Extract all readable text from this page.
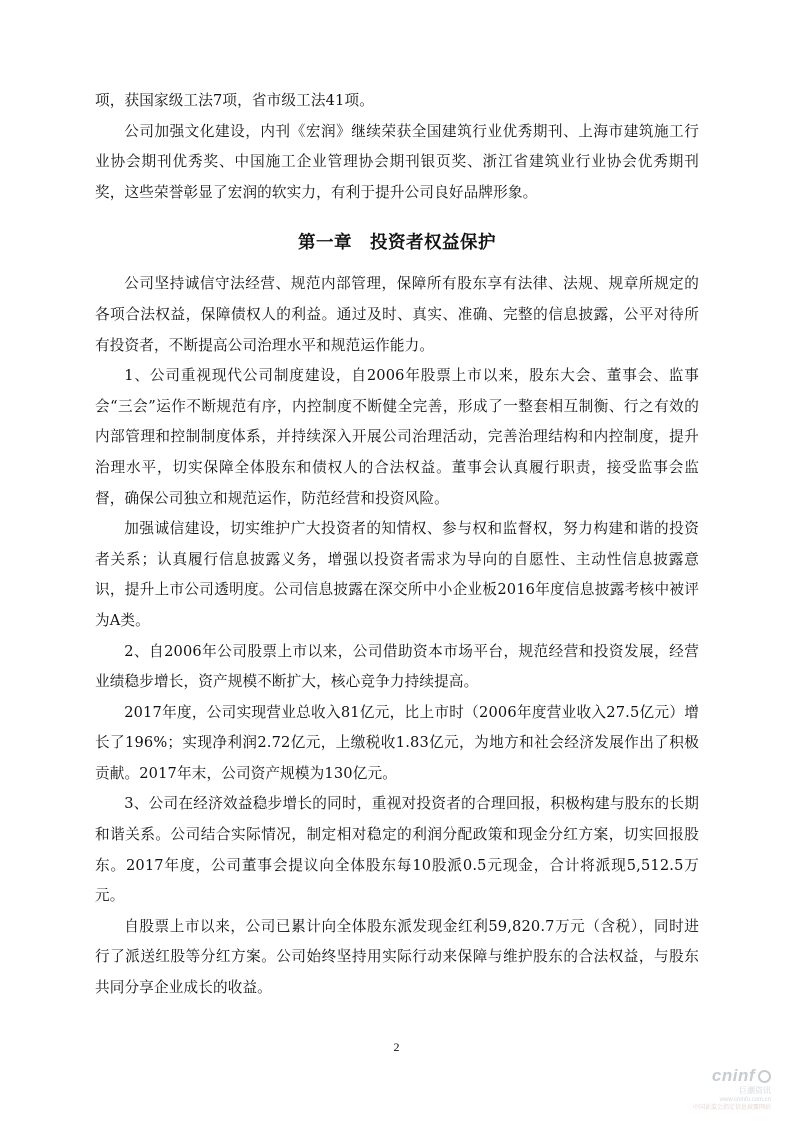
项，获国家级工法7项，省市级工法41项。

公司加强文化建设，内刊《宏润》继续荣获全国建筑行业优秀期刊、上海市建筑施工行业协会期刊优秀奖、中国施工企业管理协会期刊银页奖、浙江省建筑业行业协会优秀期刊奖，这些荣誉彰显了宏润的软实力，有利于提升公司良好品牌形象。

第一章　投资者权益保护

公司坚持诚信守法经营、规范内部管理，保障所有股东享有法律、法规、规章所规定的各项合法权益，保障债权人的利益。通过及时、真实、准确、完整的信息披露，公平对待所有投资者，不断提高公司治理水平和规范运作能力。

1、公司重视现代公司制度建设，自2006年股票上市以来，股东大会、董事会、监事会“三会”运作不断规范有序，内控制度不断健全完善，形成了一整套相互制衡、行之有效的内部管理和控制制度体系，并持续深入开展公司治理活动，完善治理结构和内控制度，提升治理水平，切实保障全体股东和债权人的合法权益。董事会认真履行职责，接受监事会监督，确保公司独立和规范运作，防范经营和投资风险。

加强诚信建设，切实维护广大投资者的知情权、参与权和监督权，努力构建和谐的投资者关系；认真履行信息披露义务，增强以投资者需求为导向的自愿性、主动性信息披露意识，提升上市公司透明度。公司信息披露在深交所中小企业板2016年度信息披露考核中被评为A类。

2、自2006年公司股票上市以来，公司借助资本市场平台，规范经营和投资发展，经营业绩稳步增长，资产规模不断扩大，核心竞争力持续提高。

2017年度，公司实现营业总收入81亿元，比上市时（2006年度营业收入27.5亿元）增长了196%；实现净利润2.72亿元，上缴税收1.83亿元，为地方和社会经济发展作出了积极贡献。2017年末，公司资产规模为130亿元。

3、公司在经济效益稳步增长的同时，重视对投资者的合理回报，积极构建与股东的长期和谐关系。公司结合实际情况，制定相对稳定的利润分配政策和现金分红方案，切实回报股东。2017年度，公司董事会提议向全体股东每10股派0.5元现金，合计将派现5,512.5万元。

自股票上市以来，公司已累计向全体股东派发现金红利59,820.7万元（含税），同时进行了派送红股等分红方案。公司始终坚持用实际行动来保障与维护股东的合法权益，与股东共同分享企业成长的收益。

2
cninf
巨潮资讯
www.cninfo.com.cn
中国证监会指定信息披露网站
